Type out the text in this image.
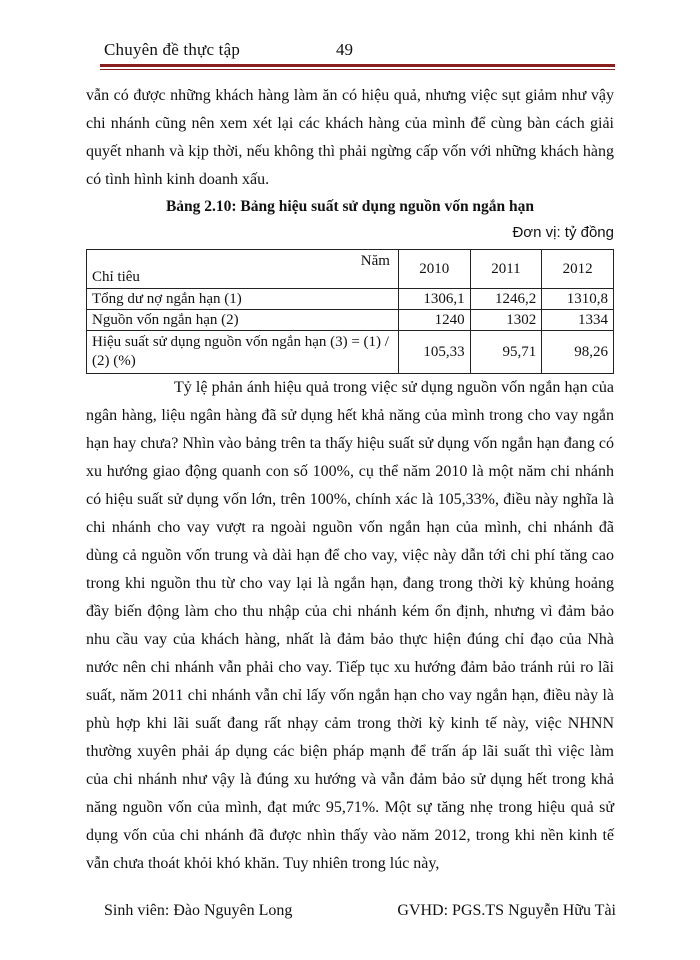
Chuyên đề thực tập	49

vẫn có được những khách hàng làm ăn có hiệu quả, nhưng việc sụt giảm như vậy chi nhánh cũng nên xem xét lại các khách hàng của mình để cùng bàn cách giải quyết nhanh và kịp thời, nếu không thì phải ngừng cấp vốn với những khách hàng có tình hình kinh doanh xấu.

Bảng 2.10: Bảng hiệu suất sử dụng nguồn vốn ngắn hạn
Đơn vị: tỷ đồng
Năm
Chỉ tiêu	2010	2011	2012
Tổng dư nợ ngắn hạn (1)	1306,1	1246,2	1310,8
Nguồn vốn ngắn hạn (2)	1240	1302	1334
Hiệu suất sử dụng nguồn vốn ngắn hạn (3) = (1) / (2) (%)	105,33	95,71	98,26

Tỷ lệ phản ánh hiệu quả trong việc sử dụng nguồn vốn ngắn hạn của ngân hàng, liệu ngân hàng đã sử dụng hết khả năng của mình trong cho vay ngắn hạn hay chưa? Nhìn vào bảng trên ta thấy hiệu suất sử dụng vốn ngắn hạn đang có xu hướng giao động quanh con số 100%, cụ thể năm 2010 là một năm chi nhánh có hiệu suất sử dụng vốn lớn, trên 100%, chính xác là 105,33%, điều này nghĩa là chi nhánh cho vay vượt ra ngoài nguồn vốn ngắn hạn của mình, chi nhánh đã dùng cả nguồn vốn trung và dài hạn để cho vay, việc này dẫn tới chi phí tăng cao trong khi nguồn thu từ cho vay lại là ngắn hạn, đang trong thời kỳ khủng hoảng đầy biến động làm cho thu nhập của chi nhánh kém ổn định, nhưng vì đảm bảo nhu cầu vay của khách hàng, nhất là đảm bảo thực hiện đúng chỉ đạo của Nhà nước nên chi nhánh vẫn phải cho vay. Tiếp tục xu hướng đảm bảo tránh rủi ro lãi suất, năm 2011 chi nhánh vẫn chỉ lấy vốn ngắn hạn cho vay ngắn hạn, điều này là phù hợp khi lãi suất đang rất nhạy cảm trong thời kỳ kinh tế này, việc NHNN thường xuyên phải áp dụng các biện pháp mạnh để trấn áp lãi suất thì việc làm của chi nhánh như vậy là đúng xu hướng và vẫn đảm bảo sử dụng hết trong khả năng nguồn vốn của mình, đạt mức 95,71%. Một sự tăng nhẹ trong hiệu quả sử dụng vốn của chi nhánh đã được nhìn thấy vào năm 2012, trong khi nền kinh tế vẫn chưa thoát khỏi khó khăn. Tuy nhiên trong lúc này,

Sinh viên: Đào Nguyên Long	GVHD: PGS.TS Nguyễn Hữu Tài
